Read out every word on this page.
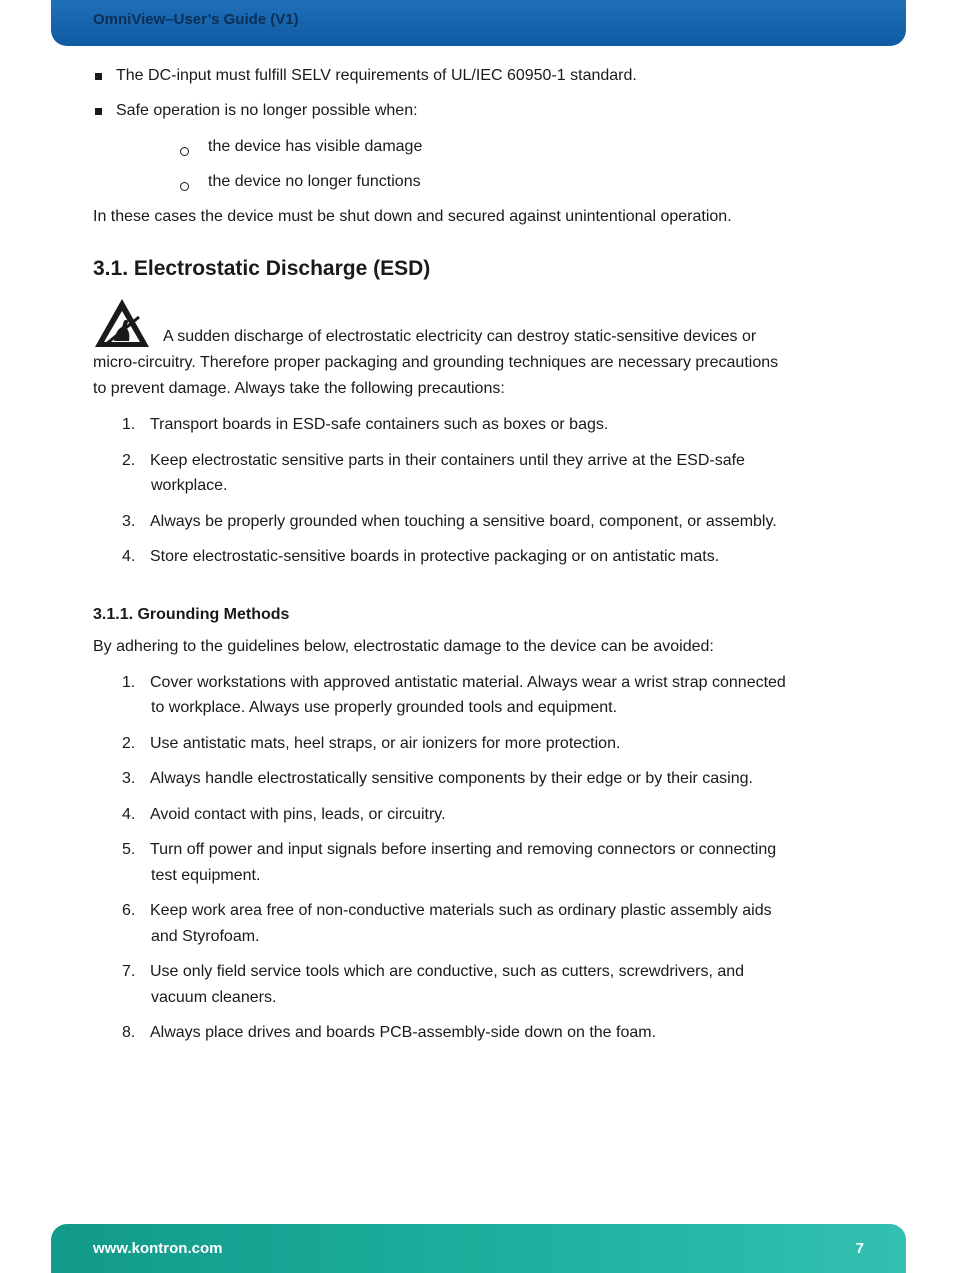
OmniView–User’s Guide (V1)
The DC-input must fulfill SELV requirements of UL/IEC 60950-1 standard.
Safe operation is no longer possible when:
the device has visible damage
the device no longer functions
In these cases the device must be shut down and secured against unintentional operation.
3.1. Electrostatic Discharge (ESD)
A sudden discharge of electrostatic electricity can destroy static-sensitive devices or
micro-circuitry. Therefore proper packaging and grounding techniques are necessary precautions
to prevent damage. Always take the following precautions:
1. Transport boards in ESD-safe containers such as boxes or bags.
2. Keep electrostatic sensitive parts in their containers until they arrive at the ESD-safe
workplace.
3. Always be properly grounded when touching a sensitive board, component, or assembly.
4. Store electrostatic-sensitive boards in protective packaging or on antistatic mats.
3.1.1. Grounding Methods
By adhering to the guidelines below, electrostatic damage to the device can be avoided:
1. Cover workstations with approved antistatic material. Always wear a wrist strap connected
to workplace. Always use properly grounded tools and equipment.
2. Use antistatic mats, heel straps, or air ionizers for more protection.
3. Always handle electrostatically sensitive components by their edge or by their casing.
4. Avoid contact with pins, leads, or circuitry.
5. Turn off power and input signals before inserting and removing connectors or connecting
test equipment.
6. Keep work area free of non-conductive materials such as ordinary plastic assembly aids
and Styrofoam.
7. Use only field service tools which are conductive, such as cutters, screwdrivers, and
vacuum cleaners.
8. Always place drives and boards PCB-assembly-side down on the foam.
www.kontron.com	7
